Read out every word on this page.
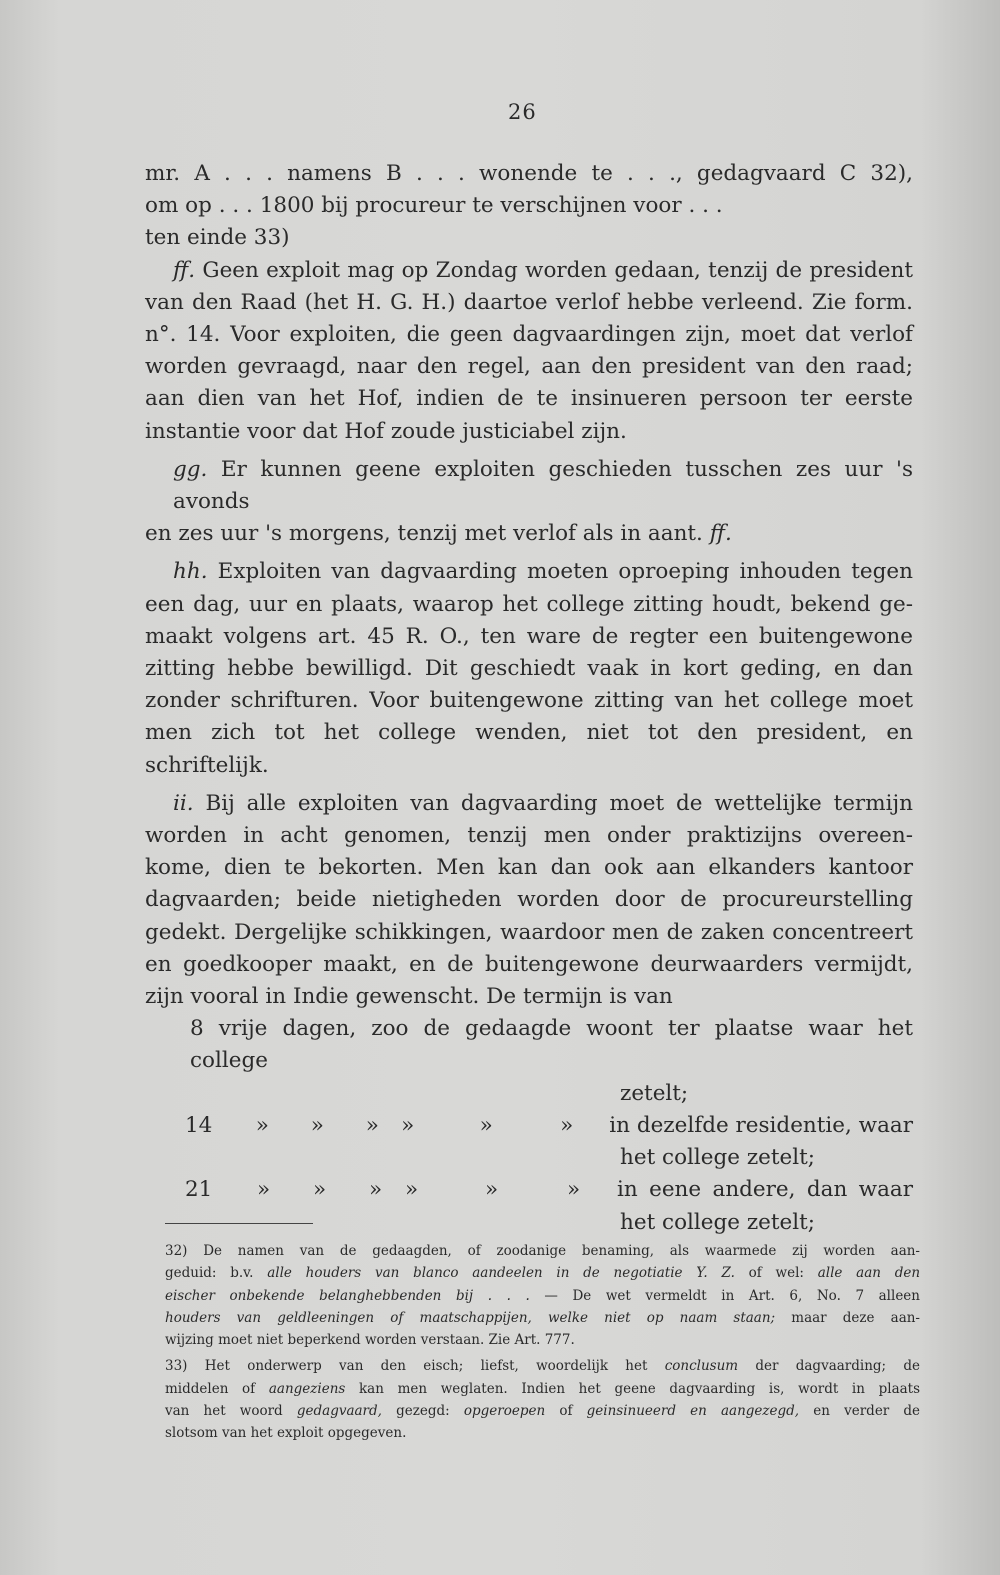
26
mr. A . . . namens B . . . wonende te . . ., gedagvaard C 32),
om op . . . 1800 bij procureur te verschijnen voor . . .
ten einde 33)
ff. Geen exploit mag op Zondag worden gedaan, tenzij de president
van den Raad (het H. G. H.) daartoe verlof hebbe verleend. Zie form.
n°. 14. Voor exploiten, die geen dagvaardingen zijn, moet dat verlof
worden gevraagd, naar den regel, aan den president van den raad;
aan dien van het Hof, indien de te insinueren persoon ter eerste
instantie voor dat Hof zoude justiciabel zijn.
gg. Er kunnen geene exploiten geschieden tusschen zes uur 's avonds
en zes uur 's morgens, tenzij met verlof als in aant. ff.
hh. Exploiten van dagvaarding moeten oproeping inhouden tegen
een dag, uur en plaats, waarop het college zitting houdt, bekend ge-
maakt volgens art. 45 R. O., ten ware de regter een buitengewone
zitting hebbe bewilligd. Dit geschiedt vaak in kort geding, en dan
zonder schrifturen. Voor buitengewone zitting van het college moet
men zich tot het college wenden, niet tot den president, en
schriftelijk.
ii. Bij alle exploiten van dagvaarding moet de wettelijke termijn
worden in acht genomen, tenzij men onder praktizijns overeen-
kome, dien te bekorten. Men kan dan ook aan elkanders kantoor
dagvaarden; beide nietigheden worden door de procureurstelling
gedekt. Dergelijke schikkingen, waardoor men de zaken concentreert
en goedkooper maakt, en de buitengewone deurwaarders vermijdt,
zijn vooral in Indie gewenscht. De termijn is van
8 vrije dagen, zoo de gedaagde woont ter plaatse waar het college
zetelt;
14	»	»	»	»	»	»	in dezelfde residentie, waar
het college zetelt;
21	»	»	»	»	»	»	in eene andere, dan waar
het college zetelt;
32) De namen van de gedaagden, of zoodanige benaming, als waarmede zij worden aan-
geduid: b.v. alle houders van blanco aandeelen in de negotiatie Y. Z. of wel: alle aan den
eischer onbekende belanghebbenden bij . . . — De wet vermeldt in Art. 6, No. 7 alleen
houders van geldleeningen of maatschappijen, welke niet op naam staan; maar deze aan-
wijzing moet niet beperkend worden verstaan. Zie Art. 777.
33) Het onderwerp van den eisch; liefst, woordelijk het conclusum der dagvaarding; de
middelen of aangeziens kan men weglaten. Indien het geene dagvaarding is, wordt in plaats
van het woord gedagvaard, gezegd: opgeroepen of geinsinueerd en aangezegd, en verder de
slotsom van het exploit opgegeven.
